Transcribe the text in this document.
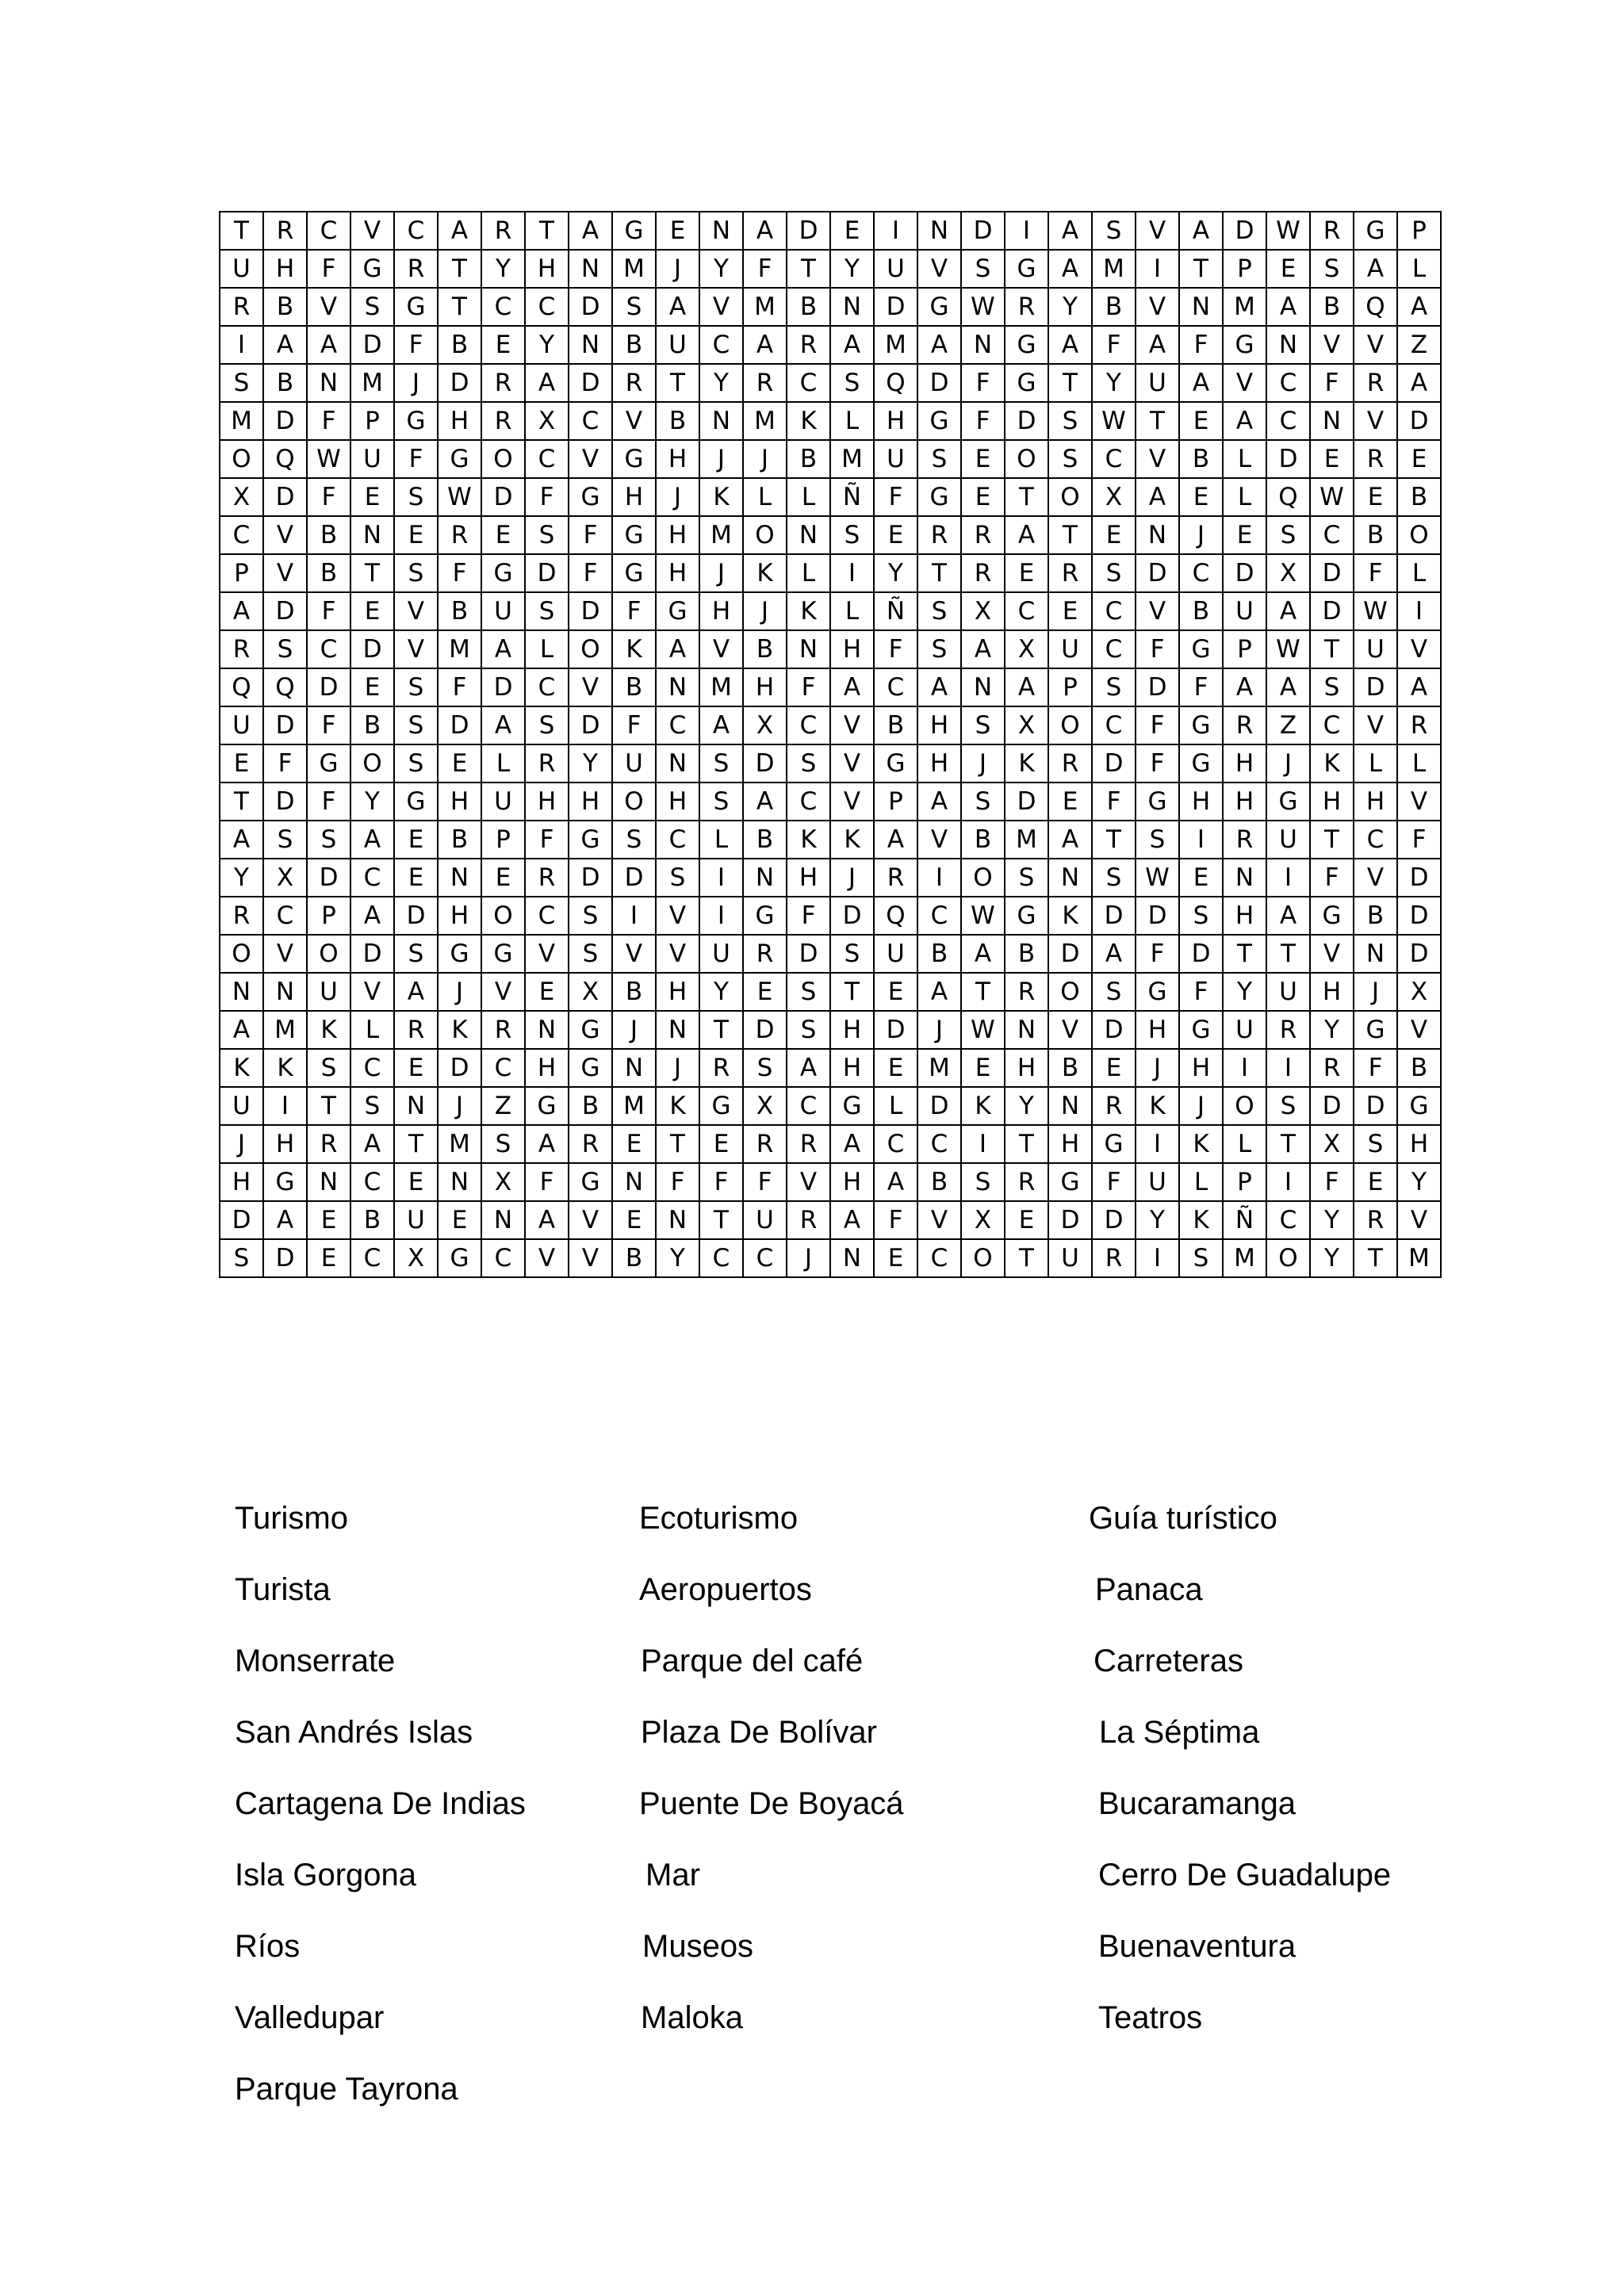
T	R	C	V	C	A	R	T	A	G	E	N	A	D	E	I	N	D	I	A	S	V	A	D	W	R	G	P
U	H	F	G	R	T	Y	H	N	M	J	Y	F	T	Y	U	V	S	G	A	M	I	T	P	E	S	A	L
R	B	V	S	G	T	C	C	D	S	A	V	M	B	N	D	G	W	R	Y	B	V	N	M	A	B	Q	A
I	A	A	D	F	B	E	Y	N	B	U	C	A	R	A	M	A	N	G	A	F	A	F	G	N	V	V	Z
S	B	N	M	J	D	R	A	D	R	T	Y	R	C	S	Q	D	F	G	T	Y	U	A	V	C	F	R	A
M	D	F	P	G	H	R	X	C	V	B	N	M	K	L	H	G	F	D	S	W	T	E	A	C	N	V	D
O	Q	W	U	F	G	O	C	V	G	H	J	J	B	M	U	S	E	O	S	C	V	B	L	D	E	R	E
X	D	F	E	S	W	D	F	G	H	J	K	L	L	Ñ	F	G	E	T	O	X	A	E	L	Q	W	E	B
C	V	B	N	E	R	E	S	F	G	H	M	O	N	S	E	R	R	A	T	E	N	J	E	S	C	B	O
P	V	B	T	S	F	G	D	F	G	H	J	K	L	I	Y	T	R	E	R	S	D	C	D	X	D	F	L
A	D	F	E	V	B	U	S	D	F	G	H	J	K	L	Ñ	S	X	C	E	C	V	B	U	A	D	W	I
R	S	C	D	V	M	A	L	O	K	A	V	B	N	H	F	S	A	X	U	C	F	G	P	W	T	U	V
Q	Q	D	E	S	F	D	C	V	B	N	M	H	F	A	C	A	N	A	P	S	D	F	A	A	S	D	A
U	D	F	B	S	D	A	S	D	F	C	A	X	C	V	B	H	S	X	O	C	F	G	R	Z	C	V	R
E	F	G	O	S	E	L	R	Y	U	N	S	D	S	V	G	H	J	K	R	D	F	G	H	J	K	L	L
T	D	F	Y	G	H	U	H	H	O	H	S	A	C	V	P	A	S	D	E	F	G	H	H	G	H	H	V
A	S	S	A	E	B	P	F	G	S	C	L	B	K	K	A	V	B	M	A	T	S	I	R	U	T	C	F
Y	X	D	C	E	N	E	R	D	D	S	I	N	H	J	R	I	O	S	N	S	W	E	N	I	F	V	D
R	C	P	A	D	H	O	C	S	I	V	I	G	F	D	Q	C	W	G	K	D	D	S	H	A	G	B	D
O	V	O	D	S	G	G	V	S	V	V	U	R	D	S	U	B	A	B	D	A	F	D	T	T	V	N	D
N	N	U	V	A	J	V	E	X	B	H	Y	E	S	T	E	A	T	R	O	S	G	F	Y	U	H	J	X
A	M	K	L	R	K	R	N	G	J	N	T	D	S	H	D	J	W	N	V	D	H	G	U	R	Y	G	V
K	K	S	C	E	D	C	H	G	N	J	R	S	A	H	E	M	E	H	B	E	J	H	I	I	R	F	B
U	I	T	S	N	J	Z	G	B	M	K	G	X	C	G	L	D	K	Y	N	R	K	J	O	S	D	D	G
J	H	R	A	T	M	S	A	R	E	T	E	R	R	A	C	C	I	T	H	G	I	K	L	T	X	S	H
H	G	N	C	E	N	X	F	G	N	F	F	F	V	H	A	B	S	R	G	F	U	L	P	I	F	E	Y
D	A	E	B	U	E	N	A	V	E	N	T	U	R	A	F	V	X	E	D	D	Y	K	Ñ	C	Y	R	V
S	D	E	C	X	G	C	V	V	B	Y	C	C	J	N	E	C	O	T	U	R	I	S	M	O	Y	T	M
Turismo
Turista
Monserrate
San Andrés Islas
Cartagena De Indias
Isla Gorgona
Ríos
Valledupar
Parque Tayrona
Ecoturismo
Aeropuertos
Parque del café
Plaza De Bolívar
Puente De Boyacá
Mar
Museos
Maloka
Guía turístico
Panaca
Carreteras
La Séptima
Bucaramanga
Cerro De Guadalupe
Buenaventura
Teatros
